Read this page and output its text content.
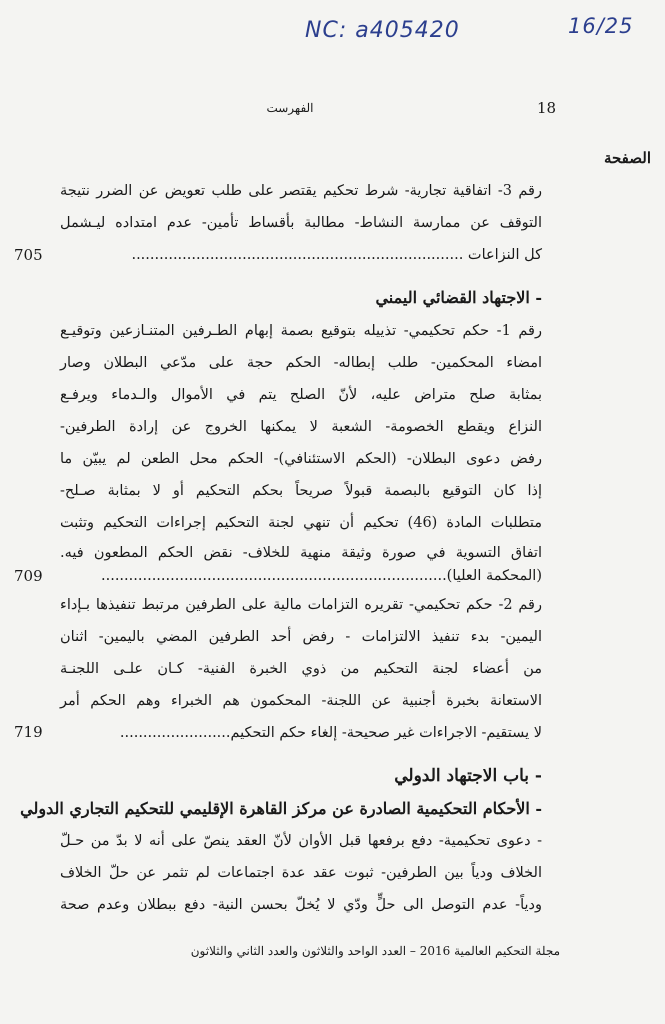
NC: a405420	16/25
18
الفهرست
الصفحة
رقم 3- اتفاقية تجارية- شرط تحكيم يقتصر على طلب تعويض عن الضرر نتيجة
التوقف عن ممارسة النشاط- مطالبة بأقساط تأمين- عدم امتداده ليـشمل
كل النزاعات ........................................................................
705
- الاجتهاد القضائي اليمني
رقم 1- حكم تحكيمي- تذييله بتوقيع بصمة إبهام الطـرفين المتنـازعين وتوقيـع
امضاء المحكمين- طلب إبطاله- الحكم حجة على مدّعي البطلان وصار
بمثابة صلح متراض عليه، لأنّ الصلح يتم في الأموال والـدماء ويرفـع
النزاع ويقطع الخصومة- الشعبة لا يمكنها الخروج عن إرادة الطرفين-
رفض دعوى البطلان- (الحكم الاستئنافي)- الحكم محل الطعن لم يبيّن ما
إذا كان التوقيع بالبصمة قبولاً صريحاً بحكم التحكيم أو لا بمثابة صـلح-
متطلبات المادة (46) تحكيم أن تنهي لجنة التحكيم إجراءات التحكيم وتثبت
اتفاق التسوية في صورة وثيقة منهية للخلاف- نقض الحكم المطعون فيه.
(المحكمة العليا)...........................................................................
709
رقم 2- حكم تحكيمي- تقريره التزامات مالية على الطرفين مرتبط تنفيذها بـإداء
اليمين- بدء تنفيذ الالتزامات - رفض أحد الطرفين المضي باليمين- اثنان
من أعضاء لجنة التحكيم من ذوي الخبرة الفنية- كـان علـى اللجنـة
الاستعانة بخبرة أجنبية عن اللجنة- المحكمون هم الخبراء وهم الحكم أمر
لا يستقيم- الاجراءات غير صحيحة- إلغاء حكم التحكيم........................
719
- باب الاجتهاد الدولي
- الأحكام التحكيمية الصادرة عن مركز القاهرة الإقليمي للتحكيم التجاري الدولي
- دعوى تحكيمية- دفع برفعها قبل الأوان لأنّ العقد ينصّ على أنه لا بدّ من حـلّ
الخلاف ودياً بين الطرفين- ثبوت عقد عدة اجتماعات لم تثمر عن حلّ الخلاف
ودياً- عدم التوصل الى حلٍّ ودّي لا يُخلّ بحسن النية- دفع ببطلان وعدم صحة
مجلة التحكيم العالمية 2016 – العدد الواحد والثلاثون والعدد الثاني والثلاثون
